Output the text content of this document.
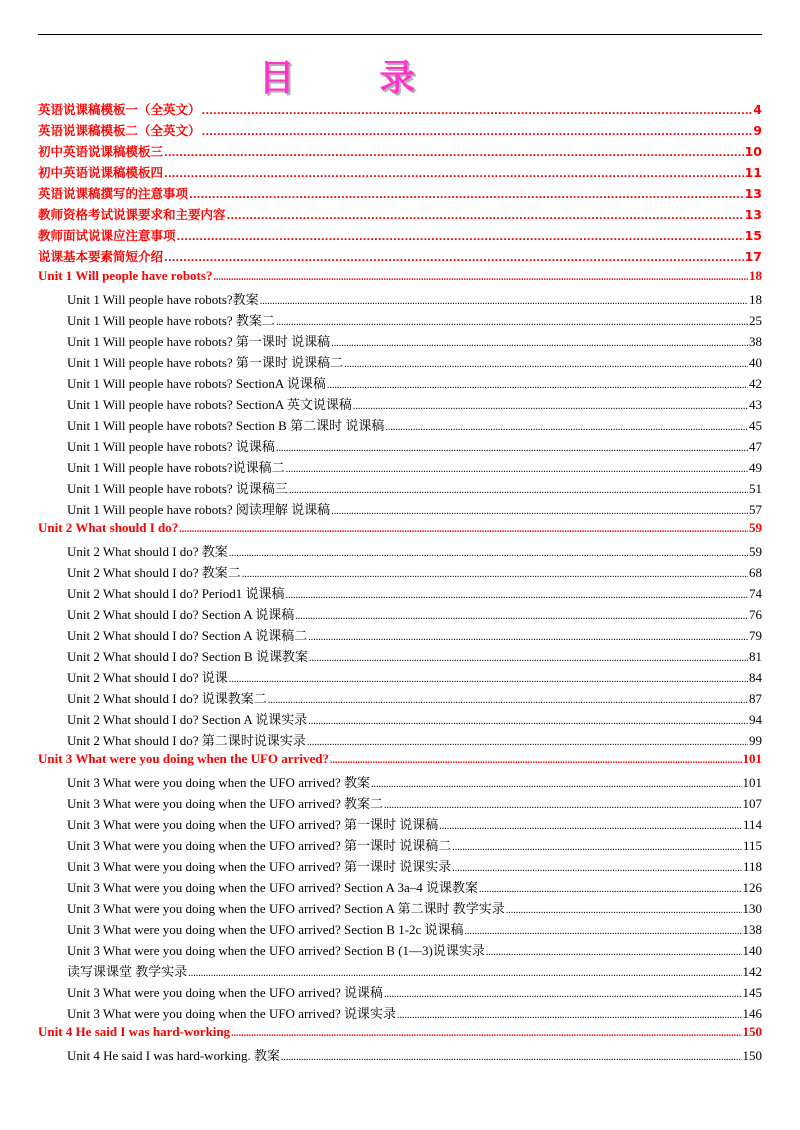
目 录
英语说课稿模板一（全英文） .....	4
英语说课稿模板二（全英文） .....	9
初中英语说课稿模板三 .....	10
初中英语说课稿模板四 .....	11
英语说课稿撰写的注意事项 .....	13
教师资格考试说课要求和主要内容 .....	13
教师面试说课应注意事项 .....	15
说课基本要素简短介绍 .....	17
Unit 1 Will people have robots? .....	18
Unit 1 Will people have robots?教案 .....	18
Unit 1 Will people have robots? 教案二 .....	25
Unit 1 Will people have robots? 第一课时 说课稿 .....	38
Unit 1 Will people have robots? 第一课时 说课稿二 .....	40
Unit 1 Will people have robots? SectionA 说课稿 .....	42
Unit 1 Will people have robots? SectionA 英文说课稿 .....	43
Unit 1 Will people have robots? Section B 第二课时 说课稿 .....	45
Unit 1 Will people have robots? 说课稿 .....	47
Unit 1 Will people have robots?说课稿二 .....	49
Unit 1 Will people have robots? 说课稿三 .....	51
Unit 1 Will people have robots? 阅读理解 说课稿 .....	57
Unit 2 What should I do? .....	59
Unit 2 What should I do? 教案 .....	59
Unit 2 What should I do? 教案二 .....	68
Unit 2 What should I do? Period1 说课稿 .....	74
Unit 2 What should I do? Section A 说课稿 .....	76
Unit 2 What should I do? Section A 说课稿二 .....	79
Unit 2 What should I do? Section B 说课教案 .....	81
Unit 2 What should I do? 说课 .....	84
Unit 2 What should I do? 说课教案二 .....	87
Unit 2 What should I do? Section A 说课实录 .....	94
Unit 2 What should I do? 第二课时说课实录 .....	99
Unit 3 What were you doing when the UFO arrived? .....	101
Unit 3 What were you doing when the UFO arrived? 教案 .....	101
Unit 3 What were you doing when the UFO arrived? 教案二 .....	107
Unit 3 What were you doing when the UFO arrived? 第一课时 说课稿 .....	114
Unit 3 What were you doing when the UFO arrived? 第一课时 说课稿二 .....	115
Unit 3 What were you doing when the UFO arrived? 第一课时 说课实录 .....	118
Unit 3 What were you doing when the UFO arrived? Section A 3a–4 说课教案 .....	126
Unit 3 What were you doing when the UFO arrived? Section A 第二课时 教学实录 .....	130
Unit 3 What were you doing when the UFO arrived? Section B 1-2c 说课稿 .....	138
Unit 3 What were you doing when the UFO arrived? Section B (1—3)说课实录 .....	140
读写课课堂 教学实录 .....	142
Unit 3 What were you doing when the UFO arrived? 说课稿 .....	145
Unit 3 What were you doing when the UFO arrived? 说课实录 .....	146
Unit 4 He said I was hard-working .....	150
Unit 4 He said I was hard-working. 教案 .....	150
